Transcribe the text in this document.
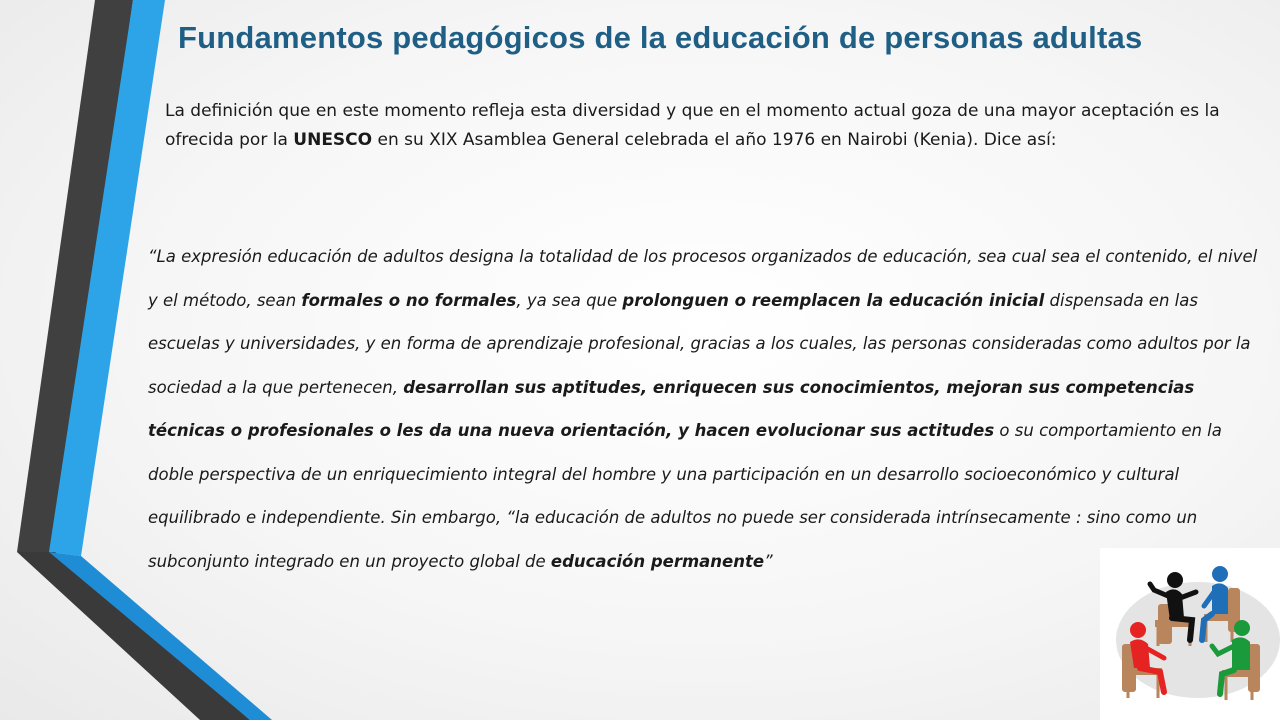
Fundamentos pedagógicos de la educación de personas adultas

La definición que en este momento refleja esta diversidad y que en el momento actual goza de una mayor aceptación es la ofrecida por la UNESCO en su XIX Asamblea General celebrada el año 1976 en Nairobi (Kenia). Dice así:

“La expresión educación de adultos designa la totalidad de los procesos organizados de educación, sea cual sea el contenido, el nivel y el método, sean formales o no formales, ya sea que prolonguen o reemplacen la educación inicial dispensada en las escuelas y universidades, y en forma de aprendizaje profesional, gracias a los cuales, las personas consideradas como adultos por la sociedad a la que pertenecen, desarrollan sus aptitudes, enriquecen sus conocimientos, mejoran sus competencias técnicas o profesionales o les da una nueva orientación, y hacen evolucionar sus actitudes o su comportamiento en la doble perspectiva de un enriquecimiento integral del hombre y una participación en un desarrollo socioeconómico y cultural equilibrado e independiente. Sin embargo, “la educación de adultos no puede ser considerada intrínsecamente : sino como un subconjunto integrado en un proyecto global de educación permanente”
